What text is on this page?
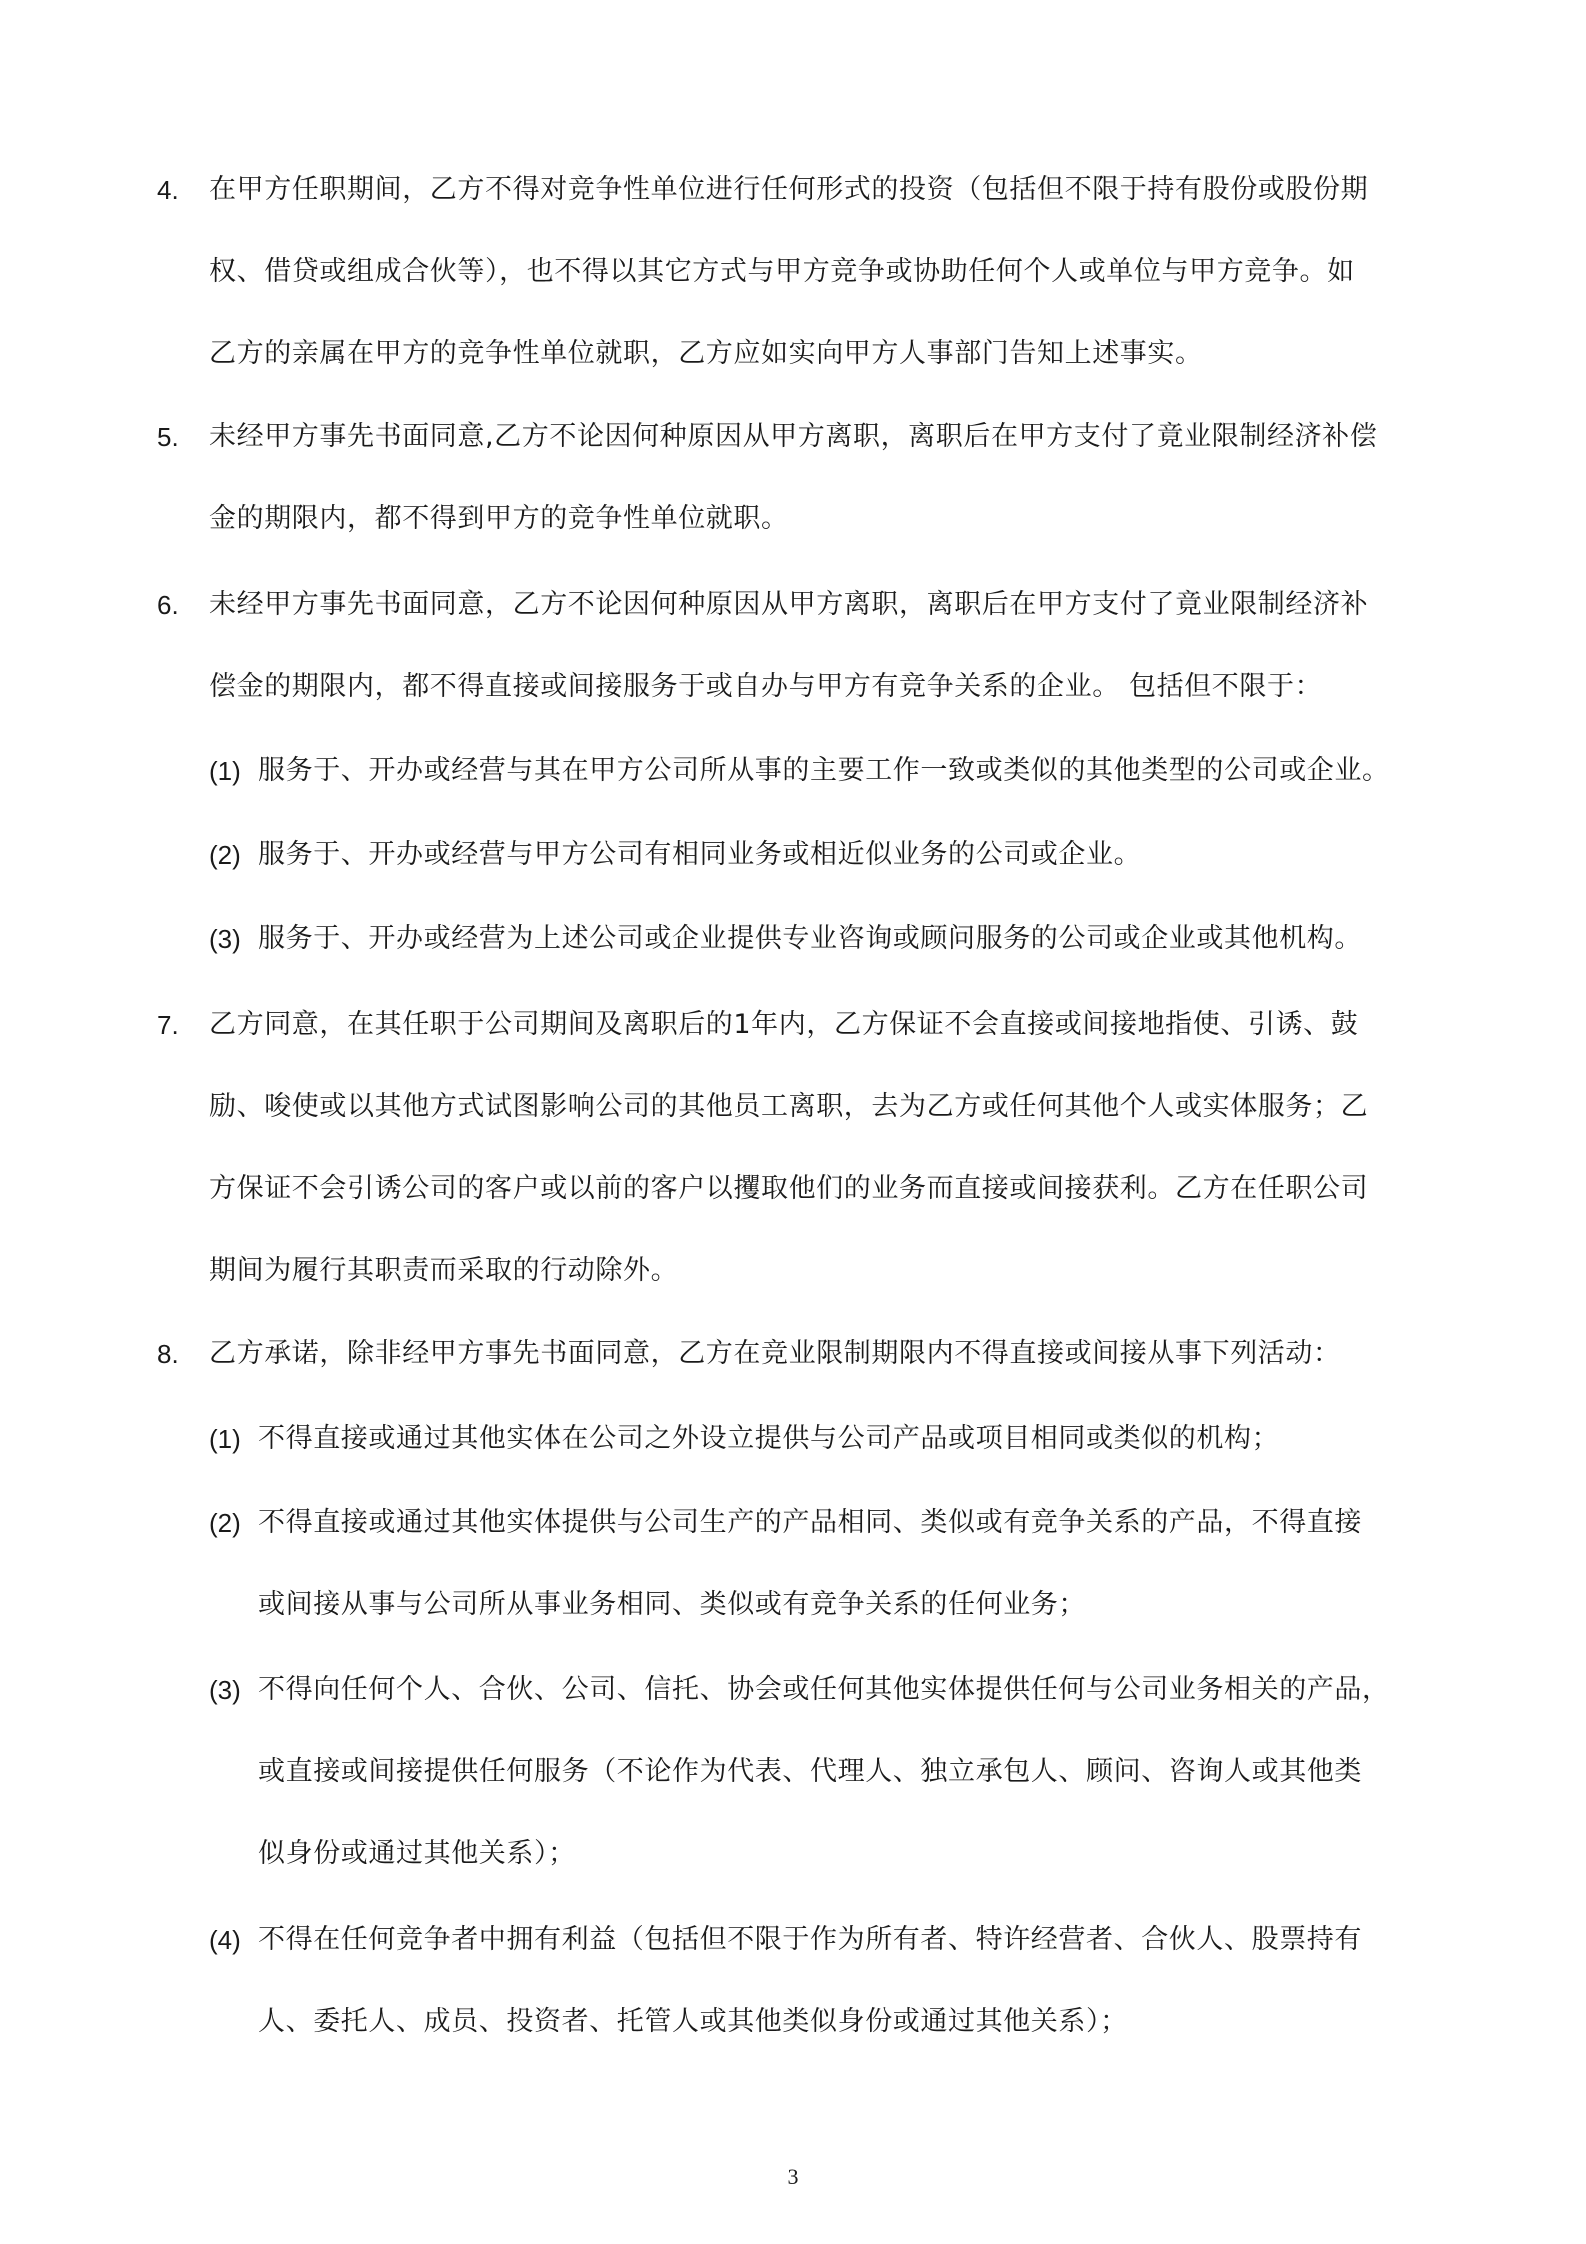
4. 在甲方任职期间，乙方不得对竞争性单位进行任何形式的投资（包括但不限于持有股份或股份期
权、借贷或组成合伙等），也不得以其它方式与甲方竞争或协助任何个人或单位与甲方竞争。如
乙方的亲属在甲方的竞争性单位就职，乙方应如实向甲方人事部门告知上述事实。
5. 未经甲方事先书面同意,乙方不论因何种原因从甲方离职，离职后在甲方支付了竟业限制经济补偿
金的期限内，都不得到甲方的竞争性单位就职。
6. 未经甲方事先书面同意，乙方不论因何种原因从甲方离职，离职后在甲方支付了竟业限制经济补
偿金的期限内，都不得直接或间接服务于或自办与甲方有竞争关系的企业。 包括但不限于：
(1) 服务于、开办或经营与其在甲方公司所从事的主要工作一致或类似的其他类型的公司或企业。
(2) 服务于、开办或经营与甲方公司有相同业务或相近似业务的公司或企业。
(3) 服务于、开办或经营为上述公司或企业提供专业咨询或顾问服务的公司或企业或其他机构。
7. 乙方同意，在其任职于公司期间及离职后的1年内，乙方保证不会直接或间接地指使、引诱、鼓
励、唆使或以其他方式试图影响公司的其他员工离职，去为乙方或任何其他个人或实体服务；乙
方保证不会引诱公司的客户或以前的客户以攫取他们的业务而直接或间接获利。乙方在任职公司
期间为履行其职责而采取的行动除外。
8. 乙方承诺，除非经甲方事先书面同意，乙方在竞业限制期限内不得直接或间接从事下列活动：
(1) 不得直接或通过其他实体在公司之外设立提供与公司产品或项目相同或类似的机构；
(2) 不得直接或通过其他实体提供与公司生产的产品相同、类似或有竞争关系的产品，不得直接
或间接从事与公司所从事业务相同、类似或有竞争关系的任何业务；
(3) 不得向任何个人、合伙、公司、信托、协会或任何其他实体提供任何与公司业务相关的产品，
或直接或间接提供任何服务（不论作为代表、代理人、独立承包人、顾问、咨询人或其他类
似身份或通过其他关系）；
(4) 不得在任何竞争者中拥有利益（包括但不限于作为所有者、特许经营者、合伙人、股票持有
人、委托人、成员、投资者、托管人或其他类似身份或通过其他关系）；
3
